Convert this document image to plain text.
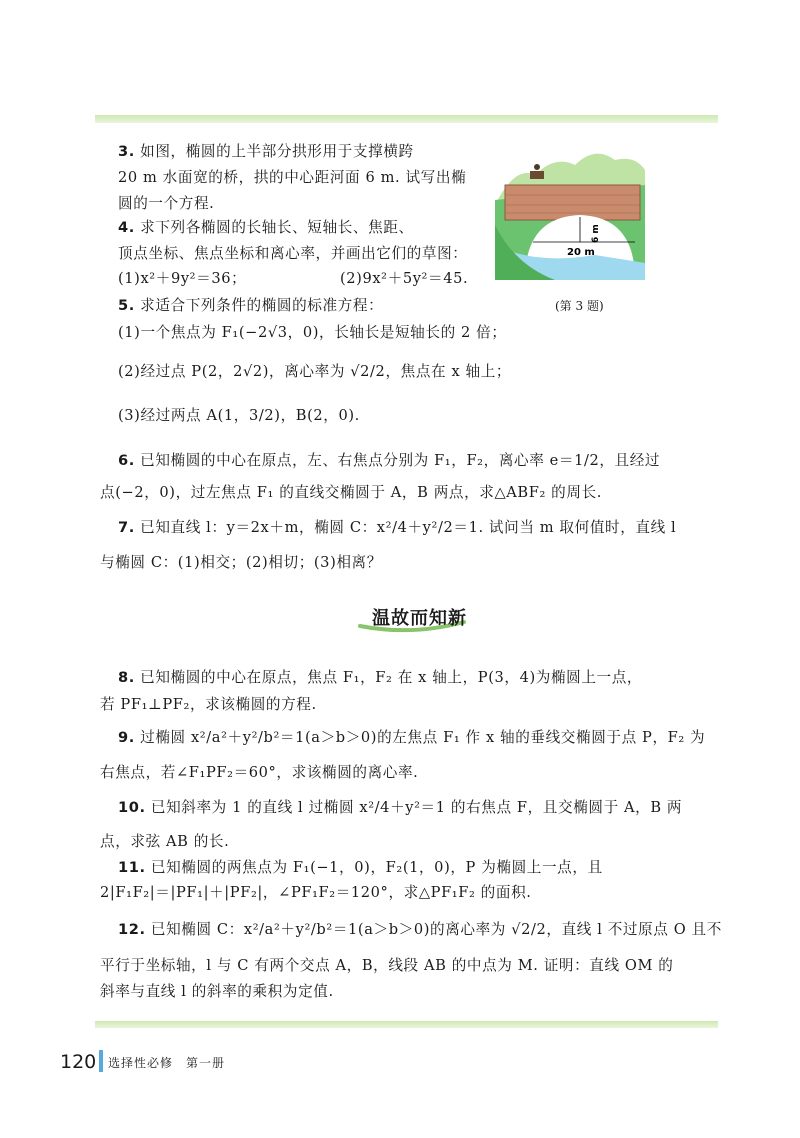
3. 如图，椭圆的上半部分拱形用于支撑横跨
20 m 水面宽的桥，拱的中心距河面 6 m. 试写出椭
圆的一个方程.
4. 求下列各椭圆的长轴长、短轴长、焦距、
顶点坐标、焦点坐标和离心率，并画出它们的草图：
(1)x²＋9y²＝36；	(2)9x²＋5y²＝45.
6 m
20 m
(第 3 题)
5. 求适合下列条件的椭圆的标准方程：
(1)一个焦点为 F₁(−2√3，0)，长轴长是短轴长的 2 倍；
(2)经过点 P(2，2√2)，离心率为 √2/2，焦点在 x 轴上；
(3)经过两点 A(1，3/2)，B(2，0).
6. 已知椭圆的中心在原点，左、右焦点分别为 F₁，F₂，离心率 e＝1/2，且经过
点(−2，0)，过左焦点 F₁ 的直线交椭圆于 A，B 两点，求△ABF₂ 的周长.
7. 已知直线 l：y＝2x＋m，椭圆 C：x²/4＋y²/2＝1. 试问当 m 取何值时，直线 l
与椭圆 C：(1)相交；(2)相切；(3)相离？
温故而知新
8. 已知椭圆的中心在原点，焦点 F₁，F₂ 在 x 轴上，P(3，4)为椭圆上一点，
若 PF₁⊥PF₂，求该椭圆的方程.
9. 过椭圆 x²/a²＋y²/b²＝1(a＞b＞0)的左焦点 F₁ 作 x 轴的垂线交椭圆于点 P，F₂ 为
右焦点，若∠F₁PF₂＝60°，求该椭圆的离心率.
10. 已知斜率为 1 的直线 l 过椭圆 x²/4＋y²＝1 的右焦点 F，且交椭圆于 A，B 两
点，求弦 AB 的长.
11. 已知椭圆的两焦点为 F₁(−1，0)，F₂(1，0)，P 为椭圆上一点，且
2|F₁F₂|＝|PF₁|＋|PF₂|，∠PF₁F₂＝120°，求△PF₁F₂ 的面积.
12. 已知椭圆 C：x²/a²＋y²/b²＝1(a＞b＞0)的离心率为 √2/2，直线 l 不过原点 O 且不
平行于坐标轴，l 与 C 有两个交点 A，B，线段 AB 的中点为 M. 证明：直线 OM 的
斜率与直线 l 的斜率的乘积为定值.
120 选择性必修　第一册
